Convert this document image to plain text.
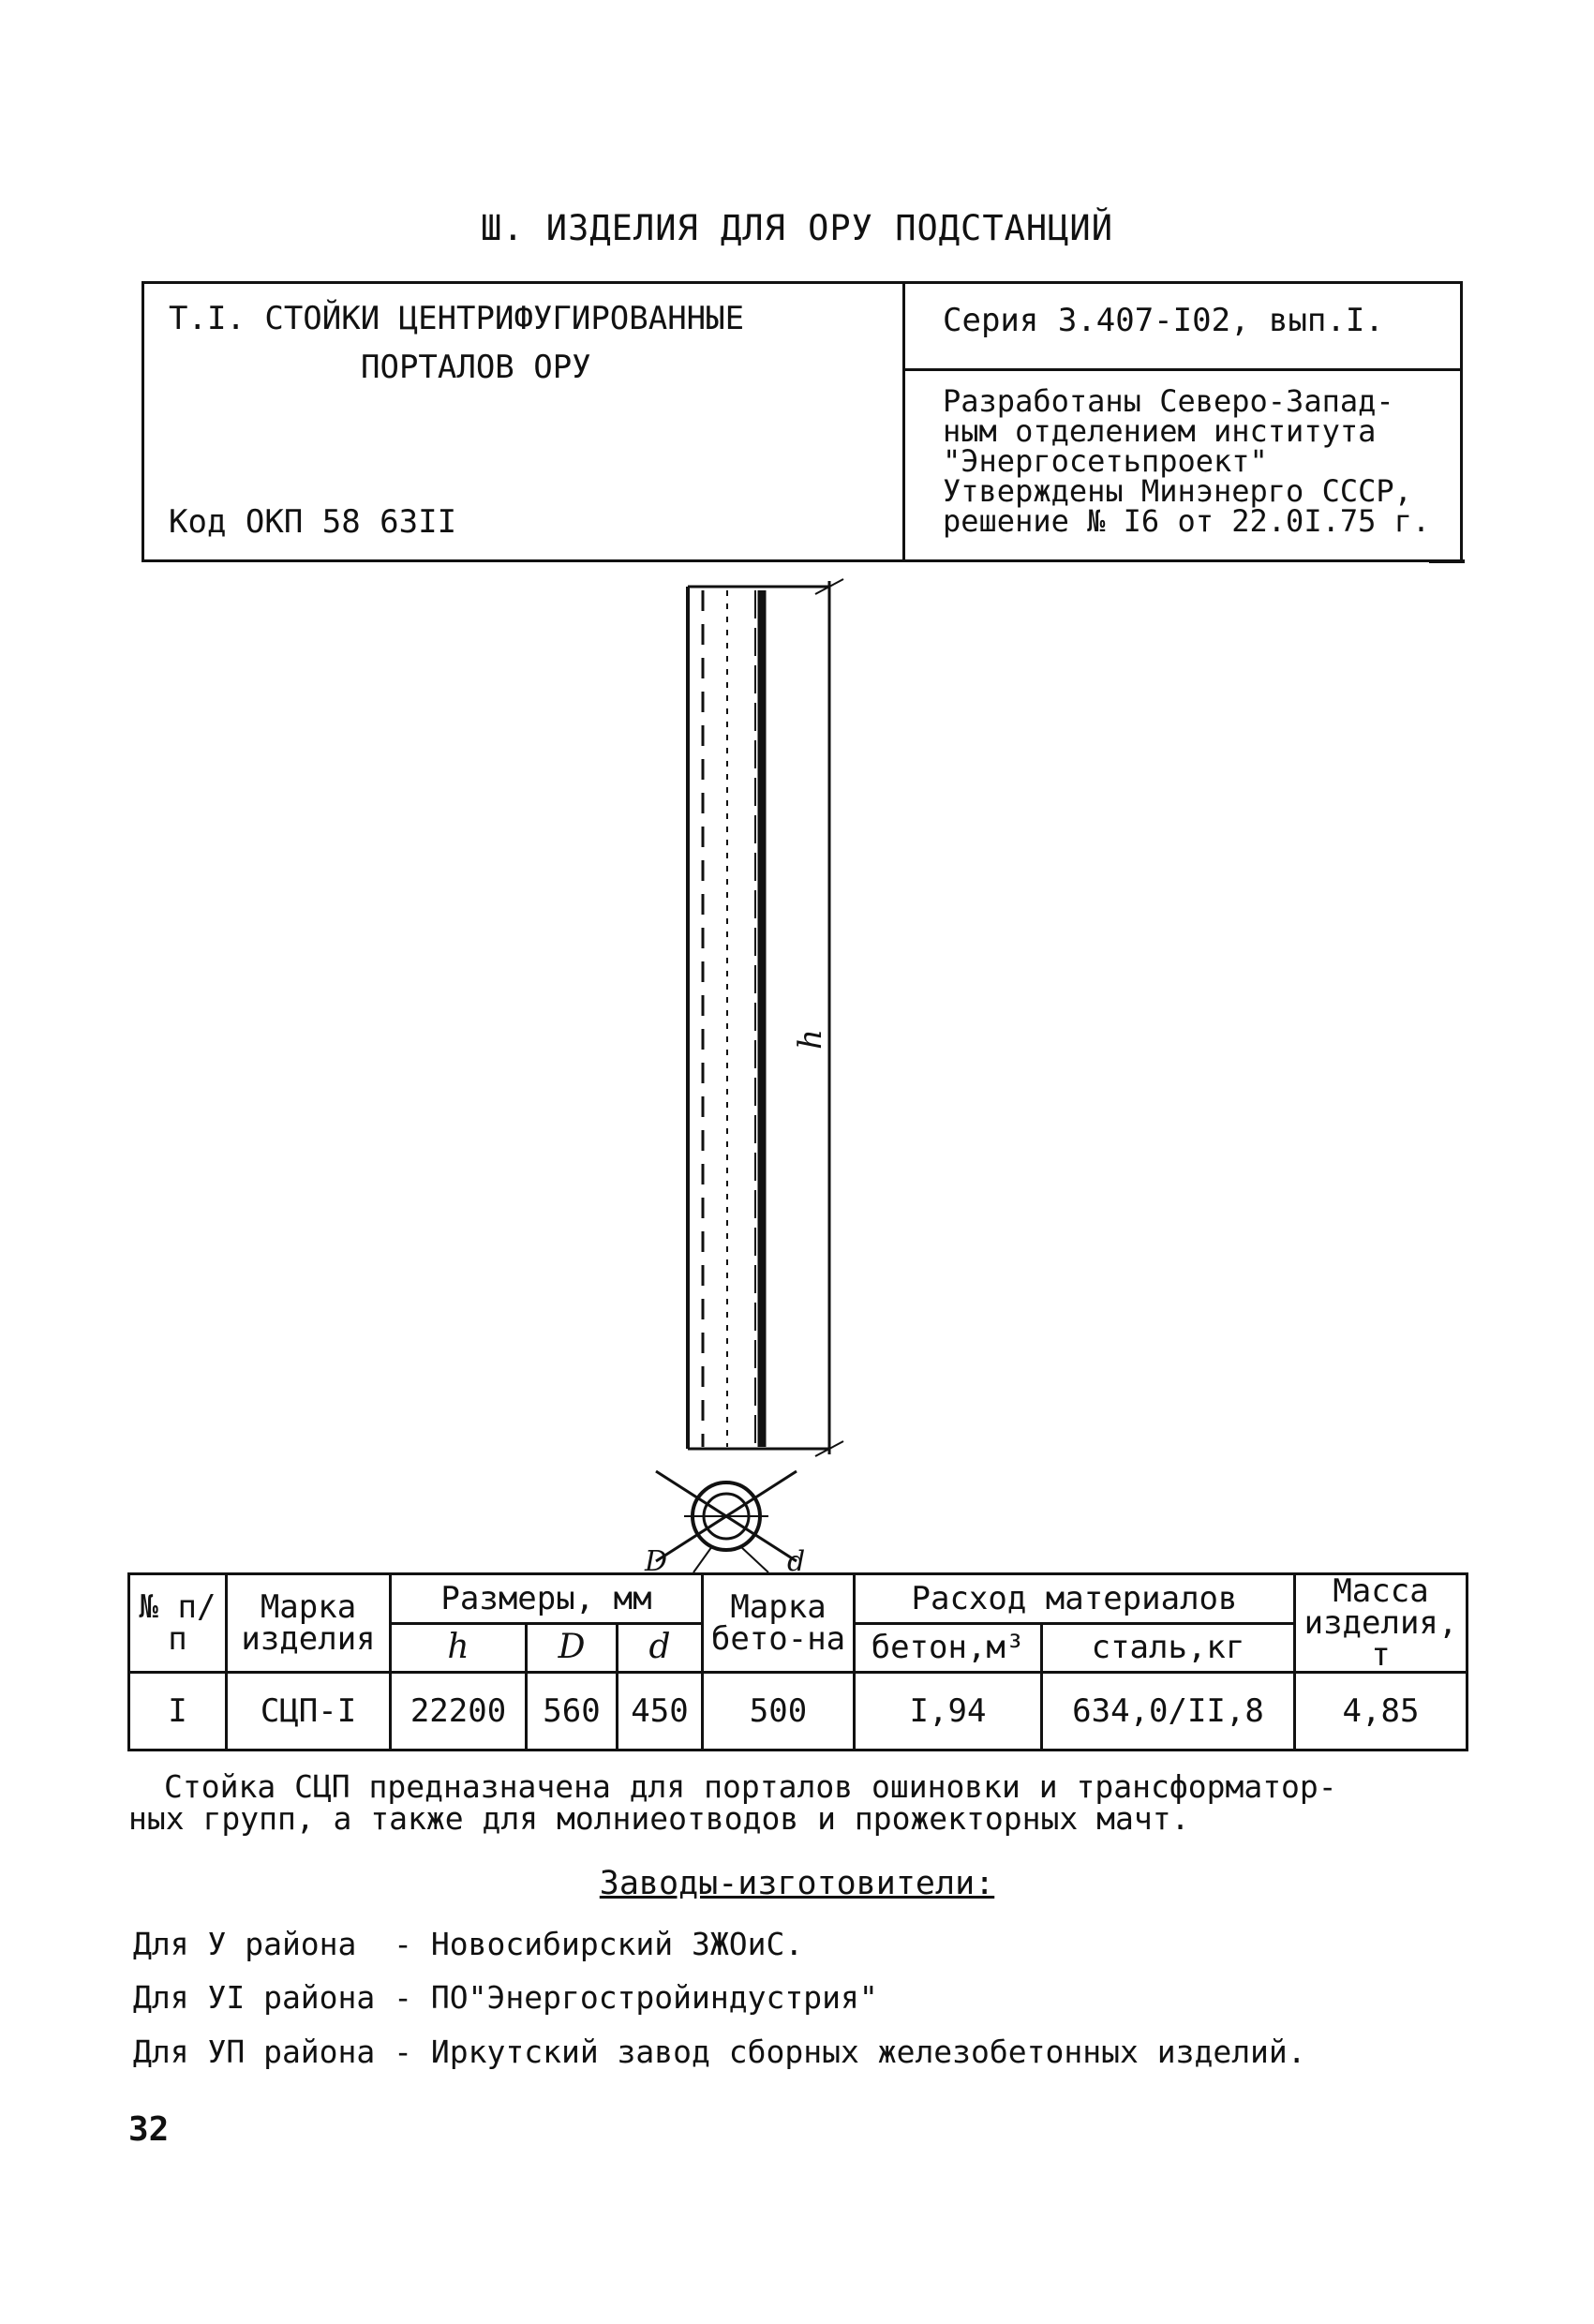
Ш. ИЗДЕЛИЯ ДЛЯ ОРУ ПОДСТАНЦИЙ
Т.I. СТОЙКИ ЦЕНТРИФУГИРОВАННЫЕ
ПОРТАЛОВ ОРУ
Код ОКП 58 63II
Серия 3.407-I02, вып.I.
Разработаны Северо-Запад-
ным отделением института
"Энергосетьпроект"
Утверждены Минэнерго СССР,
решение № I6 от 22.0I.75 г.
h
D	d
№ п/п	Марка изделия	Размеры, мм			Марка бето-на	Расход материалов		Масса изделия, т
		h	D	d		бетон,м³	сталь,кг	
I	СЦП-I	22200	560	450	500	I,94	634,0/II,8	4,85
Стойка СЦП предназначена для порталов ошиновки и трансформатор-
ных групп, а также для молниеотводов и прожекторных мачт.
Заводы-изготовители:
Для У района  - Новосибирский ЗЖОиС.
Для УI района - ПО"Энергостройиндустрия"
Для УП района - Иркутский завод сборных железобетонных изделий.
32
